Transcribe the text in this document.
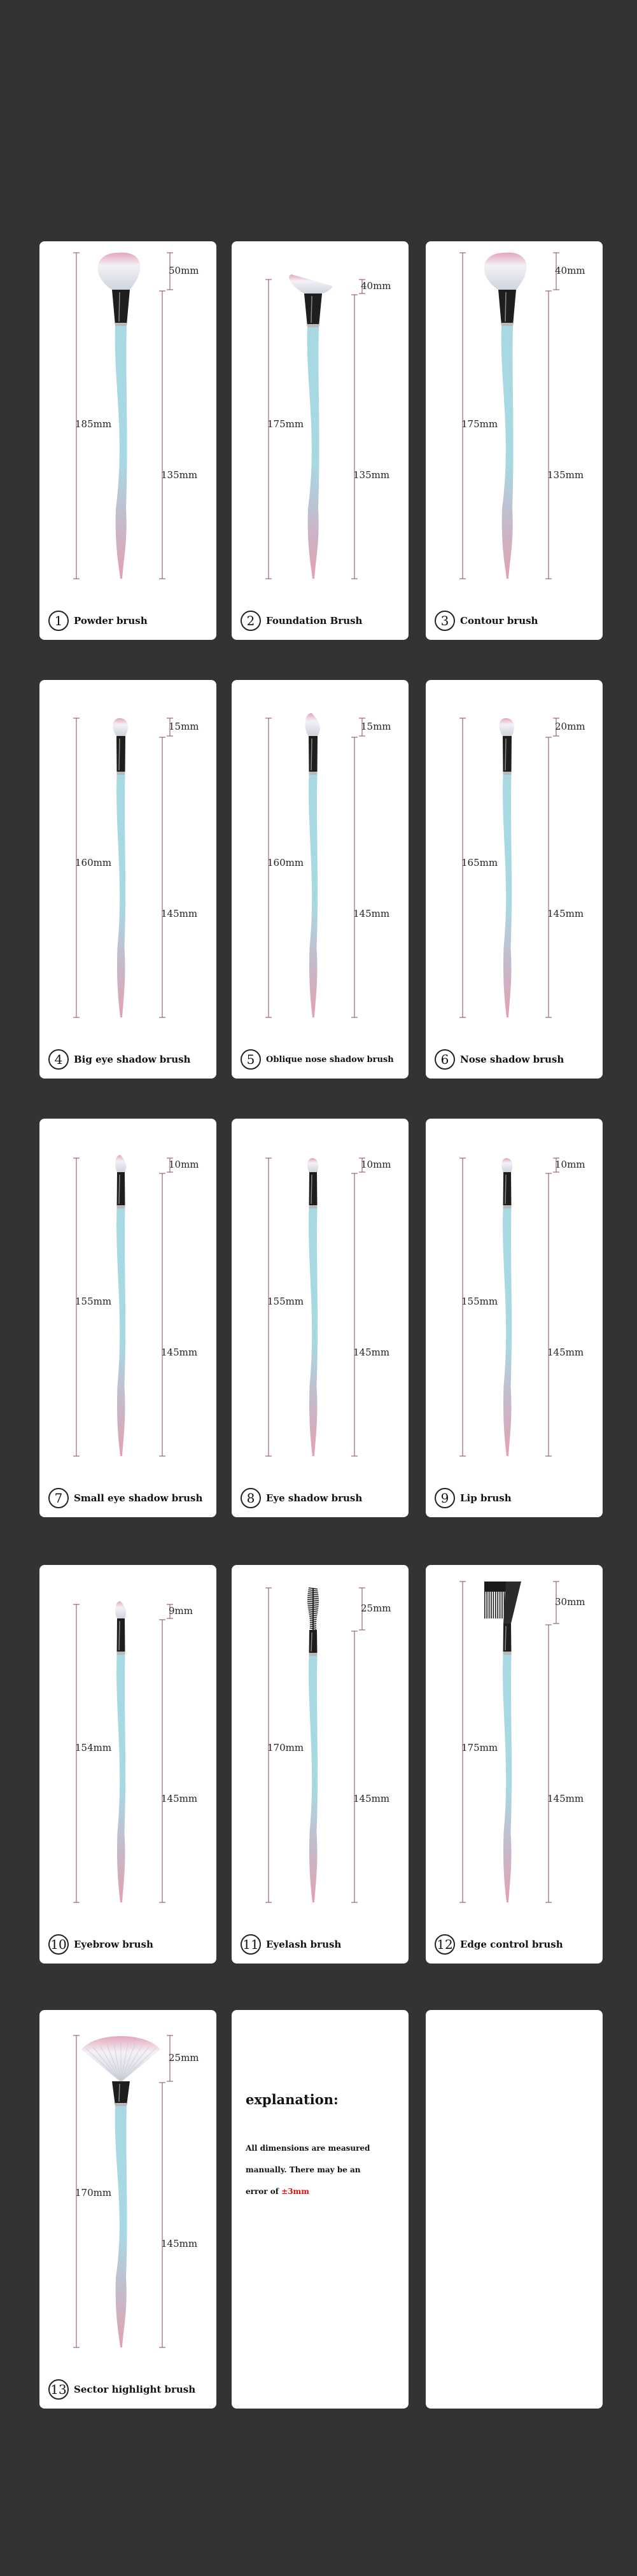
50mm
185mm
135mm
1	Powder brush
40mm
175mm
135mm
2	Foundation Brush
40mm
175mm
135mm
3	Contour brush
15mm
160mm
145mm
4	Big eye shadow brush
15mm
160mm
145mm
5	Oblique nose shadow brush
20mm
165mm
145mm
6	Nose shadow brush
10mm
155mm
145mm
7	Small eye shadow brush
10mm
155mm
145mm
8	Eye shadow brush
10mm
155mm
145mm
9	Lip brush
9mm
154mm
145mm
10 Eyebrow brush
25mm
170mm
145mm
11 Eyelash brush
30mm
175mm
145mm
12 Edge control brush
25mm
170mm
145mm
13 Sector highlight brush
explanation:
All dimensions are measured
manually. There may be an
error of ±3mm
